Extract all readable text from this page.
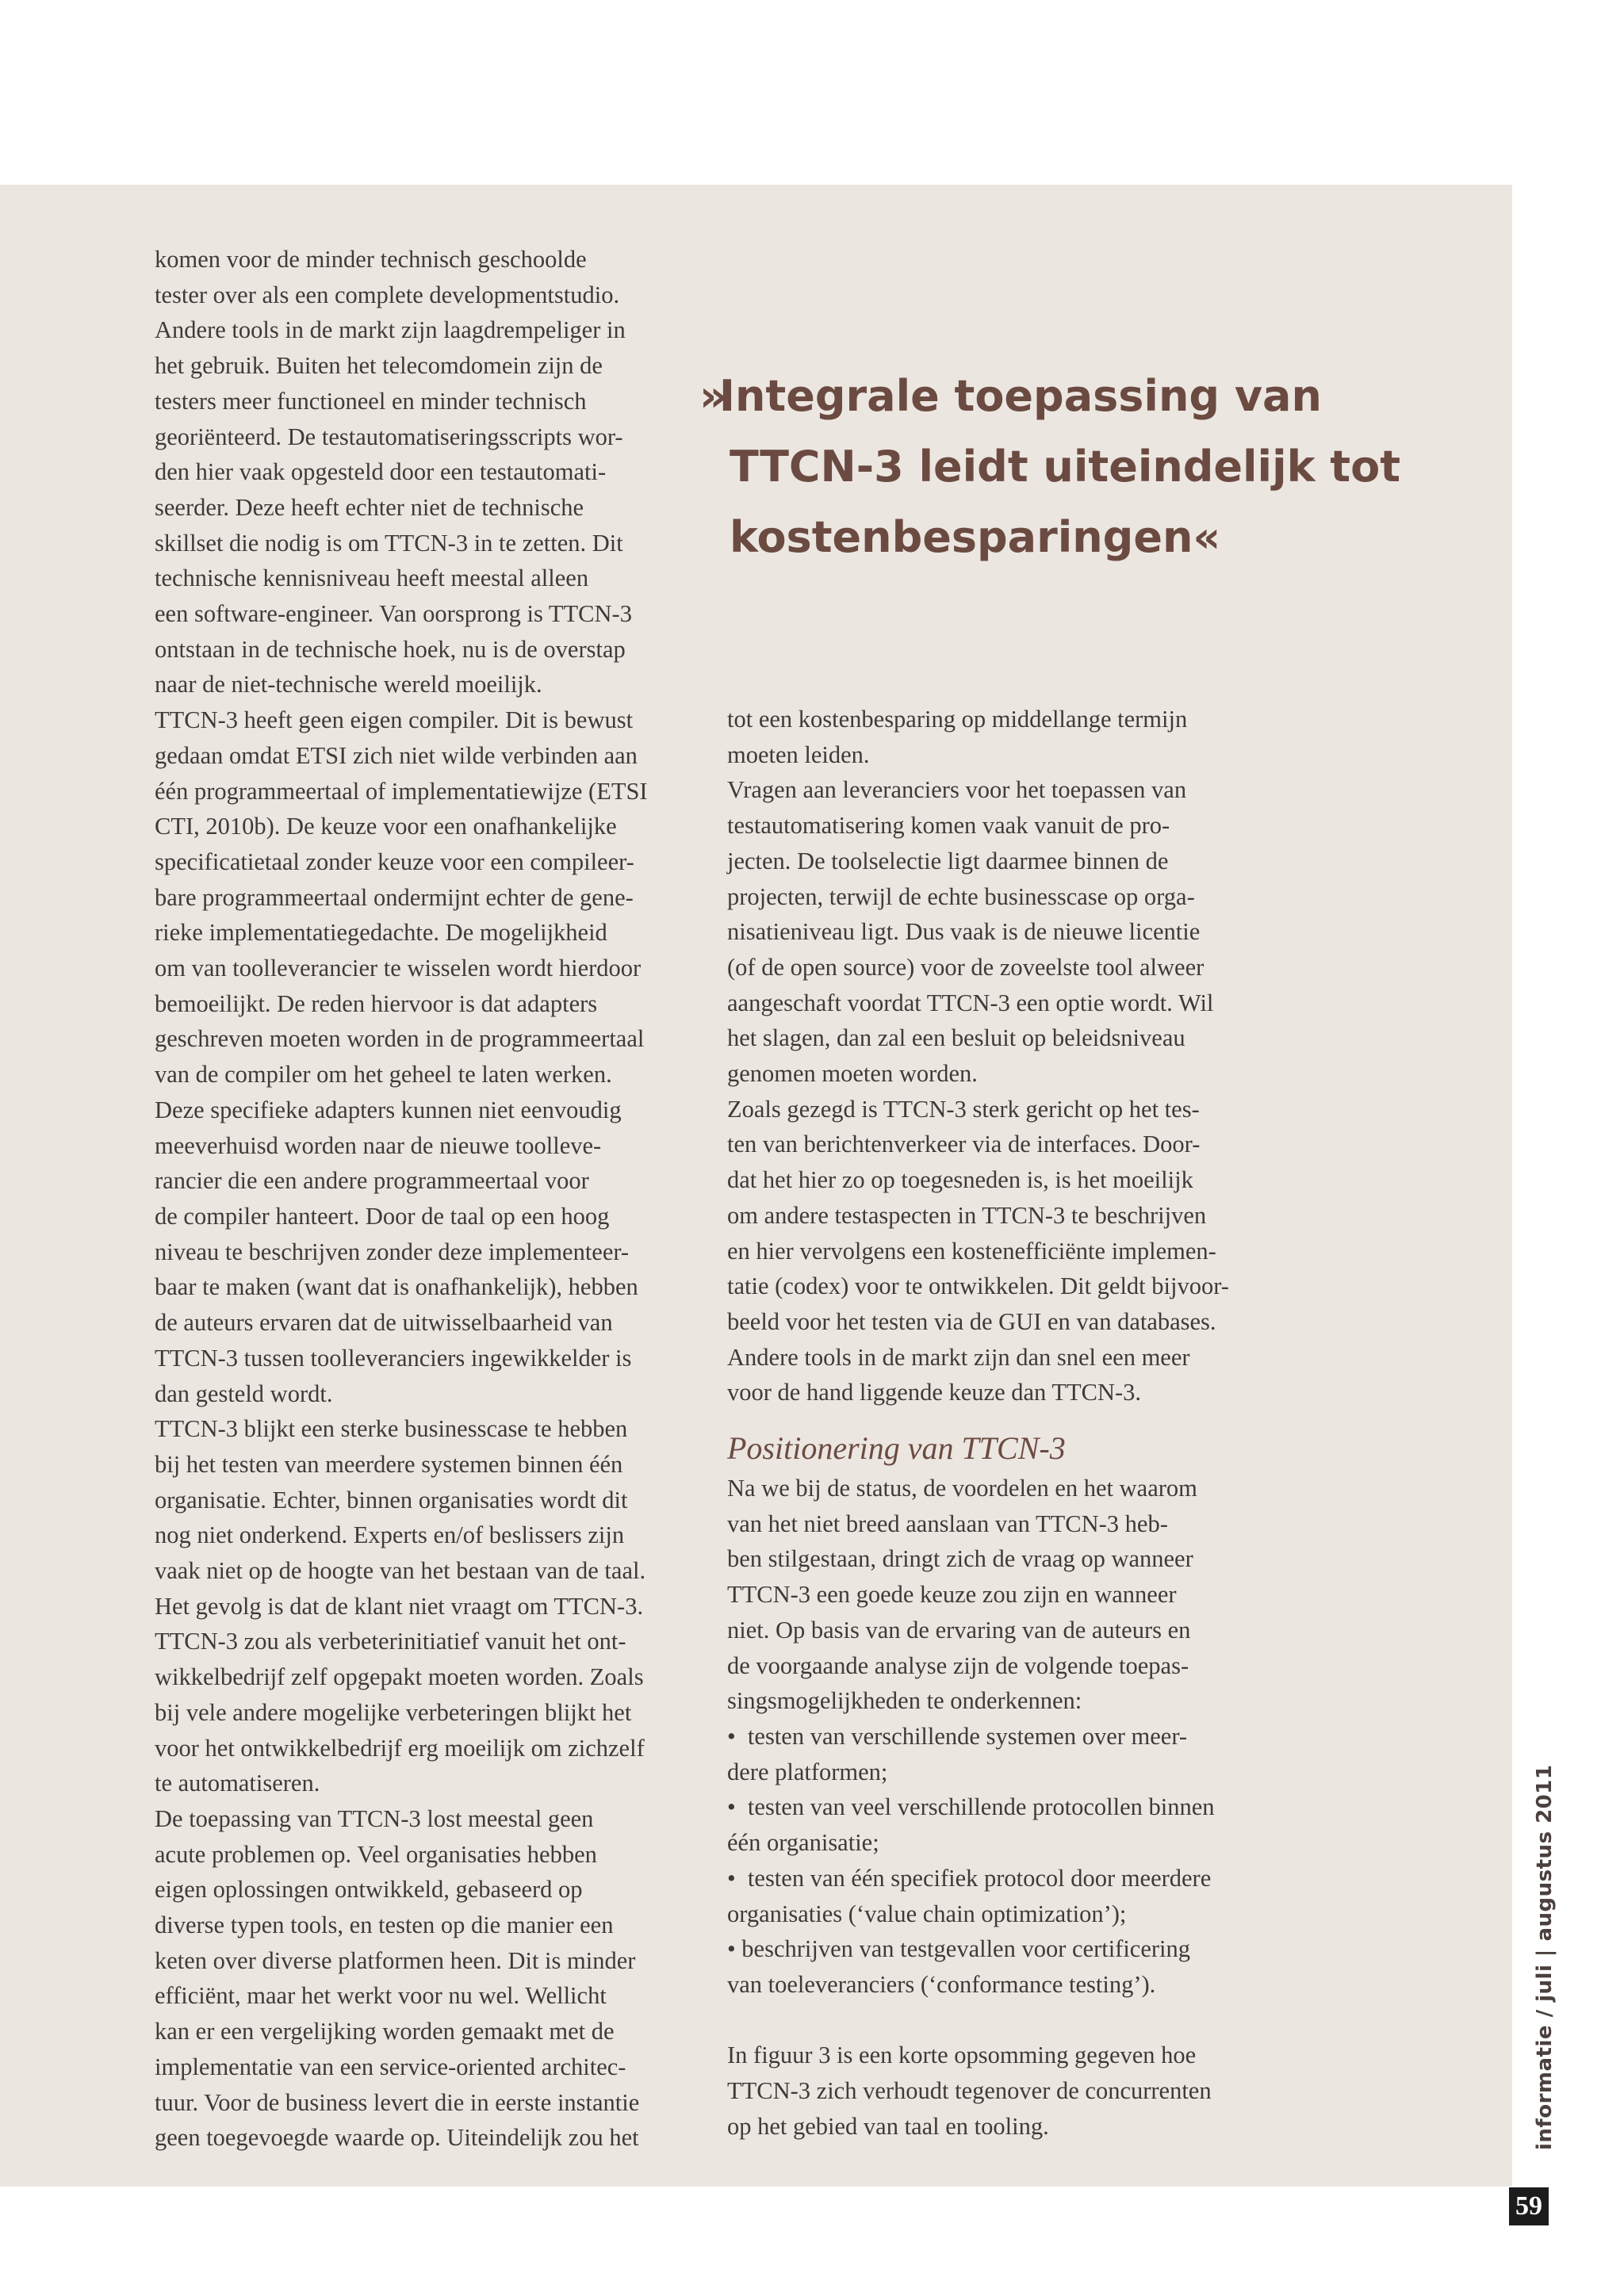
komen voor de minder technisch geschoolde
tester over als een complete developmentstudio.
Andere tools in de markt zijn laagdrempeliger in
het gebruik. Buiten het telecomdomein zijn de
testers meer functioneel en minder technisch
georiënteerd. De testautomatiseringsscripts wor-
den hier vaak opgesteld door een testautomati-
seerder. Deze heeft echter niet de technische
skillset die nodig is om TTCN-3 in te zetten. Dit
technische kennisniveau heeft meestal alleen
een software-engineer. Van oorsprong is TTCN-3
ontstaan in de technische hoek, nu is de overstap
naar de niet-technische wereld moeilijk.
TTCN-3 heeft geen eigen compiler. Dit is bewust
gedaan omdat ETSI zich niet wilde verbinden aan
één programmeertaal of implementatiewijze (ETSI
CTI, 2010b). De keuze voor een onafhankelijke
specificatietaal zonder keuze voor een compileer-
bare programmeertaal ondermijnt echter de gene-
rieke implementatiegedachte. De mogelijkheid
om van toolleverancier te wisselen wordt hierdoor
bemoeilijkt. De reden hiervoor is dat adapters
geschreven moeten worden in de programmeertaal
van de compiler om het geheel te laten werken.
Deze specifieke adapters kunnen niet eenvoudig
meeverhuisd worden naar de nieuwe toolleve-
rancier die een andere programmeertaal voor
de compiler hanteert. Door de taal op een hoog
niveau te beschrijven zonder deze implementeer-
baar te maken (want dat is onafhankelijk), hebben
de auteurs ervaren dat de uitwisselbaarheid van
TTCN-3 tussen toolleveranciers ingewikkelder is
dan gesteld wordt.
TTCN-3 blijkt een sterke businesscase te hebben
bij het testen van meerdere systemen binnen één
organisatie. Echter, binnen organisaties wordt dit
nog niet onderkend. Experts en/of beslissers zijn
vaak niet op de hoogte van het bestaan van de taal.
Het gevolg is dat de klant niet vraagt om TTCN-3.
TTCN-3 zou als verbeterinitiatief vanuit het ont-
wikkelbedrijf zelf opgepakt moeten worden. Zoals
bij vele andere mogelijke verbeteringen blijkt het
voor het ontwikkelbedrijf erg moeilijk om zichzelf
te automatiseren.
De toepassing van TTCN-3 lost meestal geen
acute problemen op. Veel organisaties hebben
eigen oplossingen ontwikkeld, gebaseerd op
diverse typen tools, en testen op die manier een
keten over diverse platformen heen. Dit is minder
efficiënt, maar het werkt voor nu wel. Wellicht
kan er een vergelijking worden gemaakt met de
implementatie van een service-oriented architec-
tuur. Voor de business levert die in eerste instantie
geen toegevoegde waarde op. Uiteindelijk zou het

»Integrale toepassing van
TTCN-3 leidt uiteindelijk tot
kostenbesparingen«

tot een kostenbesparing op middellange termijn
moeten leiden.
Vragen aan leveranciers voor het toepassen van
testautomatisering komen vaak vanuit de pro-
jecten. De toolselectie ligt daarmee binnen de
projecten, terwijl de echte businesscase op orga-
nisatieniveau ligt. Dus vaak is de nieuwe licentie
(of de open source) voor de zoveelste tool alweer
aangeschaft voordat TTCN-3 een optie wordt. Wil
het slagen, dan zal een besluit op beleidsniveau
genomen moeten worden.
Zoals gezegd is TTCN-3 sterk gericht op het tes-
ten van berichtenverkeer via de interfaces. Door-
dat het hier zo op toegesneden is, is het moeilijk
om andere testaspecten in TTCN-3 te beschrijven
en hier vervolgens een kostenefficiënte implemen-
tatie (codex) voor te ontwikkelen. Dit geldt bijvoor-
beeld voor het testen via de GUI en van databases.
Andere tools in de markt zijn dan snel een meer
voor de hand liggende keuze dan TTCN-3.

Positionering van TTCN-3

Na we bij de status, de voordelen en het waarom
van het niet breed aanslaan van TTCN-3 heb-
ben stilgestaan, dringt zich de vraag op wanneer
TTCN-3 een goede keuze zou zijn en wanneer
niet. Op basis van de ervaring van de auteurs en
de voorgaande analyse zijn de volgende toepas-
singsmogelijkheden te onderkennen:
•  testen van verschillende systemen over meer-
dere platformen;
•  testen van veel verschillende protocollen binnen
één organisatie;
•  testen van één specifiek protocol door meerdere
organisaties (‘value chain optimization’);
• beschrijven van testgevallen voor certificering
van toeleveranciers (‘conformance testing’).

In figuur 3 is een korte opsomming gegeven hoe
TTCN-3 zich verhoudt tegenover de concurrenten
op het gebied van taal en tooling.	informatie / juli | augustus 2011
59
